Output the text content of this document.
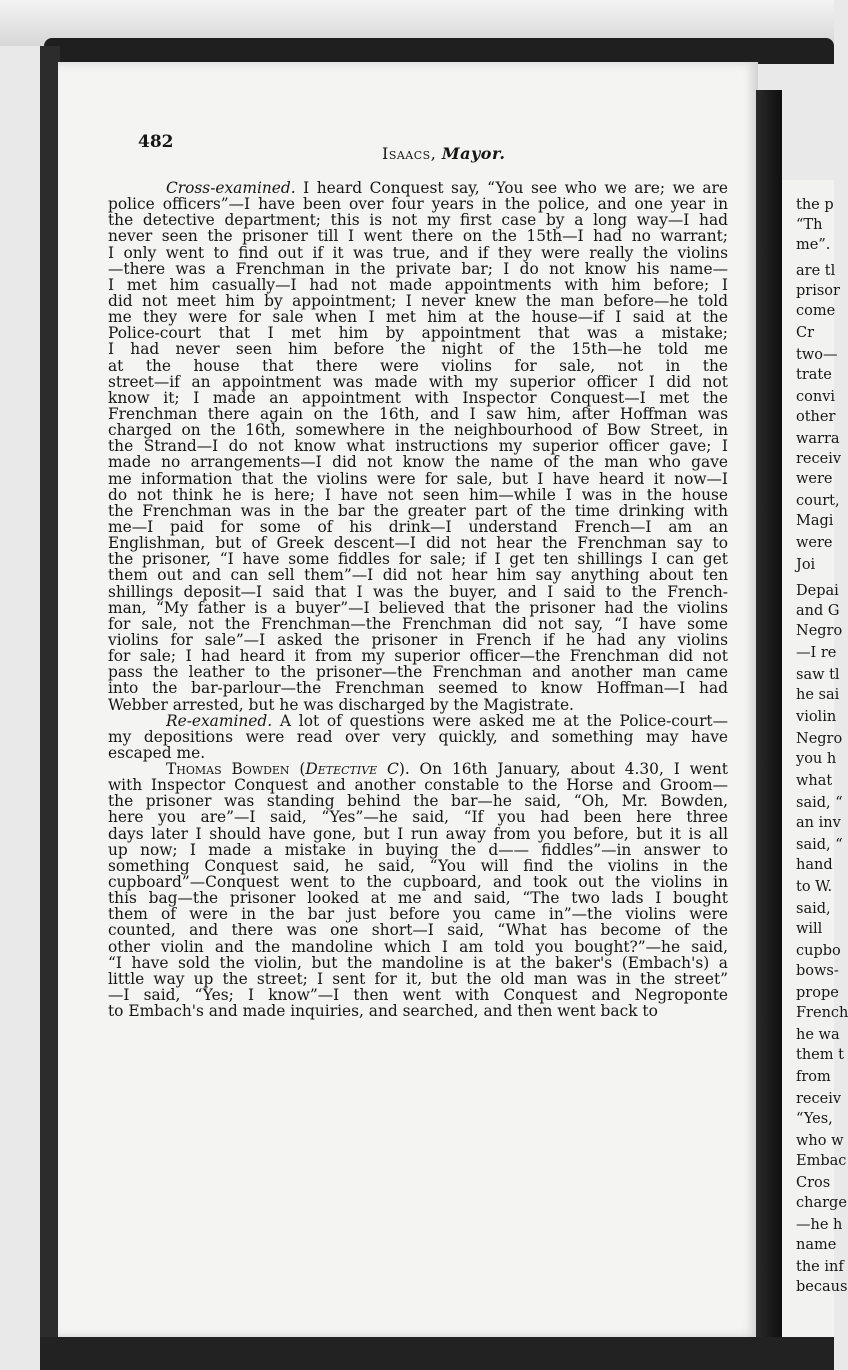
482
Isaacs, Mayor.
Cross-examined. I heard Conquest say, “You see who we are; we are
police officers”—I have been over four years in the police, and one year in
the detective department; this is not my first case by a long way—I had
never seen the prisoner till I went there on the 15th—I had no warrant;
I only went to find out if it was true, and if they were really the violins
—there was a Frenchman in the private bar; I do not know his name—
I met him casually—I had not made appointments with him before; I
did not meet him by appointment; I never knew the man before—he told
me they were for sale when I met him at the house—if I said at the
Police-court that I met him by appointment that was a mistake;
I had never seen him before the night of the 15th—he told me
at the house that there were violins for sale, not in the
street—if an appointment was made with my superior officer I did not
know it; I made an appointment with Inspector Conquest—I met the
Frenchman there again on the 16th, and I saw him, after Hoffman was
charged on the 16th, somewhere in the neighbourhood of Bow Street, in
the Strand—I do not know what instructions my superior officer gave; I
made no arrangements—I did not know the name of the man who gave
me information that the violins were for sale, but I have heard it now—I
do not think he is here; I have not seen him—while I was in the house
the Frenchman was in the bar the greater part of the time drinking with
me—I paid for some of his drink—I understand French—I am an
Englishman, but of Greek descent—I did not hear the Frenchman say to
the prisoner, “I have some fiddles for sale; if I get ten shillings I can get
them out and can sell them”—I did not hear him say anything about ten
shillings deposit—I said that I was the buyer, and I said to the French-
man, “My father is a buyer”—I believed that the prisoner had the violins
for sale, not the Frenchman—the Frenchman did not say, “I have some
violins for sale”—I asked the prisoner in French if he had any violins
for sale; I had heard it from my superior officer—the Frenchman did not
pass the leather to the prisoner—the Frenchman and another man came
into the bar-parlour—the Frenchman seemed to know Hoffman—I had
Webber arrested, but he was discharged by the Magistrate.
Re-examined. A lot of questions were asked me at the Police-court—
my depositions were read over very quickly, and something may have
escaped me.
Thomas Bowden (Detective C). On 16th January, about 4.30, I went
with Inspector Conquest and another constable to the Horse and Groom—
the prisoner was standing behind the bar—he said, “Oh, Mr. Bowden,
here you are”—I said, “Yes”—he said, “If you had been here three
days later I should have gone, but I run away from you before, but it is all
up now; I made a mistake in buying the d—— fiddles”—in answer to
something Conquest said, he said, “You will find the violins in the
cupboard”—Conquest went to the cupboard, and took out the violins in
this bag—the prisoner looked at me and said, “The two lads I bought
them of were in the bar just before you came in”—the violins were
counted, and there was one short—I said, “What has become of the
other violin and the mandoline which I am told you bought?”—he said,
“I have sold the violin, but the mandoline is at the baker's (Embach's) a
little way up the street; I sent for it, but the old man was in the street”
—I said, “Yes; I know”—I then went with Conquest and Negroponte
to Embach's and made inquiries, and searched, and then went back to
the p
“Th
me”.
are tl
prisor
come
Cr
two—
trate
convi
other
warra
receiv
were
court,
Magi
were
Joi
Depai
and G
Negro
—I re
saw tl
he sai
violin
Negro
you h
what
said, “
an inv
said, “
hand
to W.
said,
will
cupbo
bows-
prope
French
he wa
them t
from
receiv
“Yes,
who w
Embac
Cros
charge
—he h
name
the inf
becaus
